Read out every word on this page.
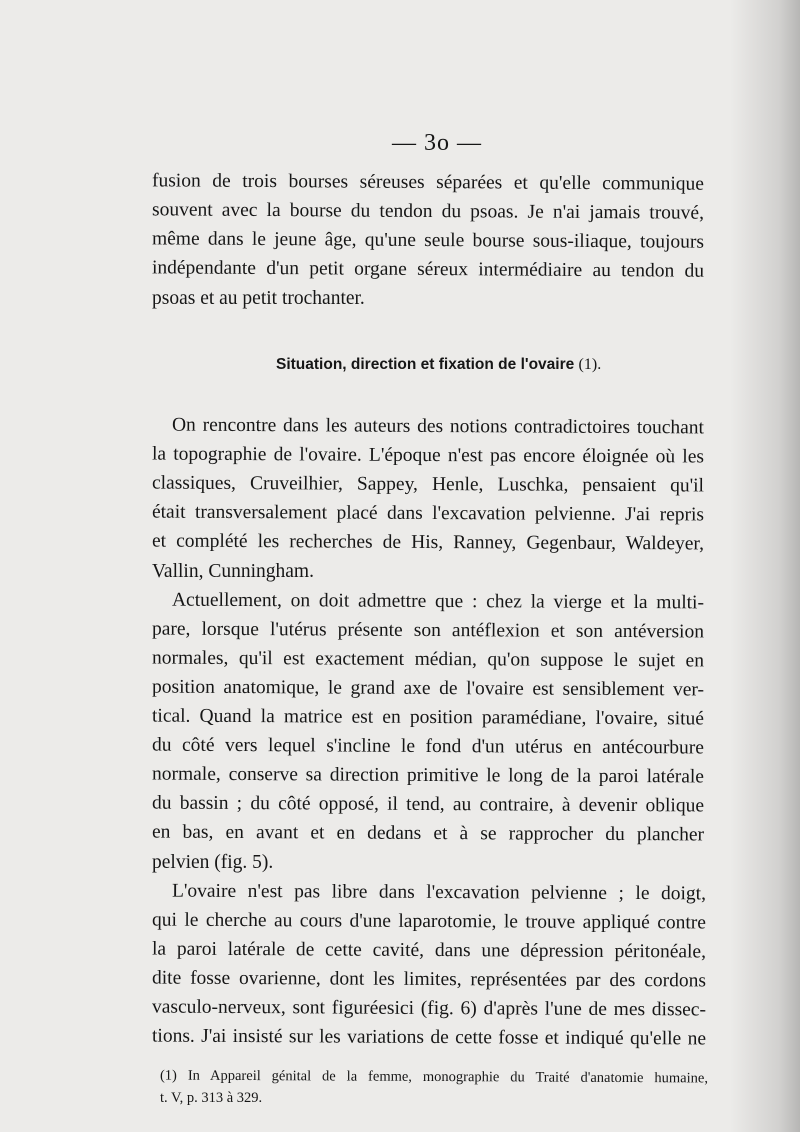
— 3o —

fusion de trois bourses séreuses séparées et qu'elle communique

souvent avec la bourse du tendon du psoas. Je n'ai jamais trouvé,

même dans le jeune âge, qu'une seule bourse sous-iliaque, toujours

indépendante d'un petit organe séreux intermédiaire au tendon du

psoas et au petit trochanter.

Situation, direction et fixation de l'ovaire (1).

On rencontre dans les auteurs des notions contradictoires touchant

la topographie de l'ovaire. L'époque n'est pas encore éloignée où les

classiques, Cruveilhier, Sappey, Henle, Luschka, pensaient qu'il

était transversalement placé dans l'excavation pelvienne. J'ai repris

et complété les recherches de His, Ranney, Gegenbaur, Waldeyer,

Vallin, Cunningham.

Actuellement, on doit admettre que : chez la vierge et la multi-

pare, lorsque l'utérus présente son antéflexion et son antéversion

normales, qu'il est exactement médian, qu'on suppose le sujet en

position anatomique, le grand axe de l'ovaire est sensiblement ver-

tical. Quand la matrice est en position paramédiane, l'ovaire, situé

du côté vers lequel s'incline le fond d'un utérus en antécourbure

normale, conserve sa direction primitive le long de la paroi latérale

du bassin ; du côté opposé, il tend, au contraire, à devenir oblique

en bas, en avant et en dedans et à se rapprocher du plancher

pelvien (fig. 5).

L'ovaire n'est pas libre dans l'excavation pelvienne ; le doigt,

qui le cherche au cours d'une laparotomie, le trouve appliqué contre

la paroi latérale de cette cavité, dans une dépression péritonéale,

dite fosse ovarienne, dont les limites, représentées par des cordons

vasculo-nerveux, sont figuréesici (fig. 6) d'après l'une de mes dissec-

tions. J'ai insisté sur les variations de cette fosse et indiqué qu'elle ne

(1) In Appareil génital de la femme, monographie du Traité d'anatomie humaine,

t. V, p. 313 à 329.
